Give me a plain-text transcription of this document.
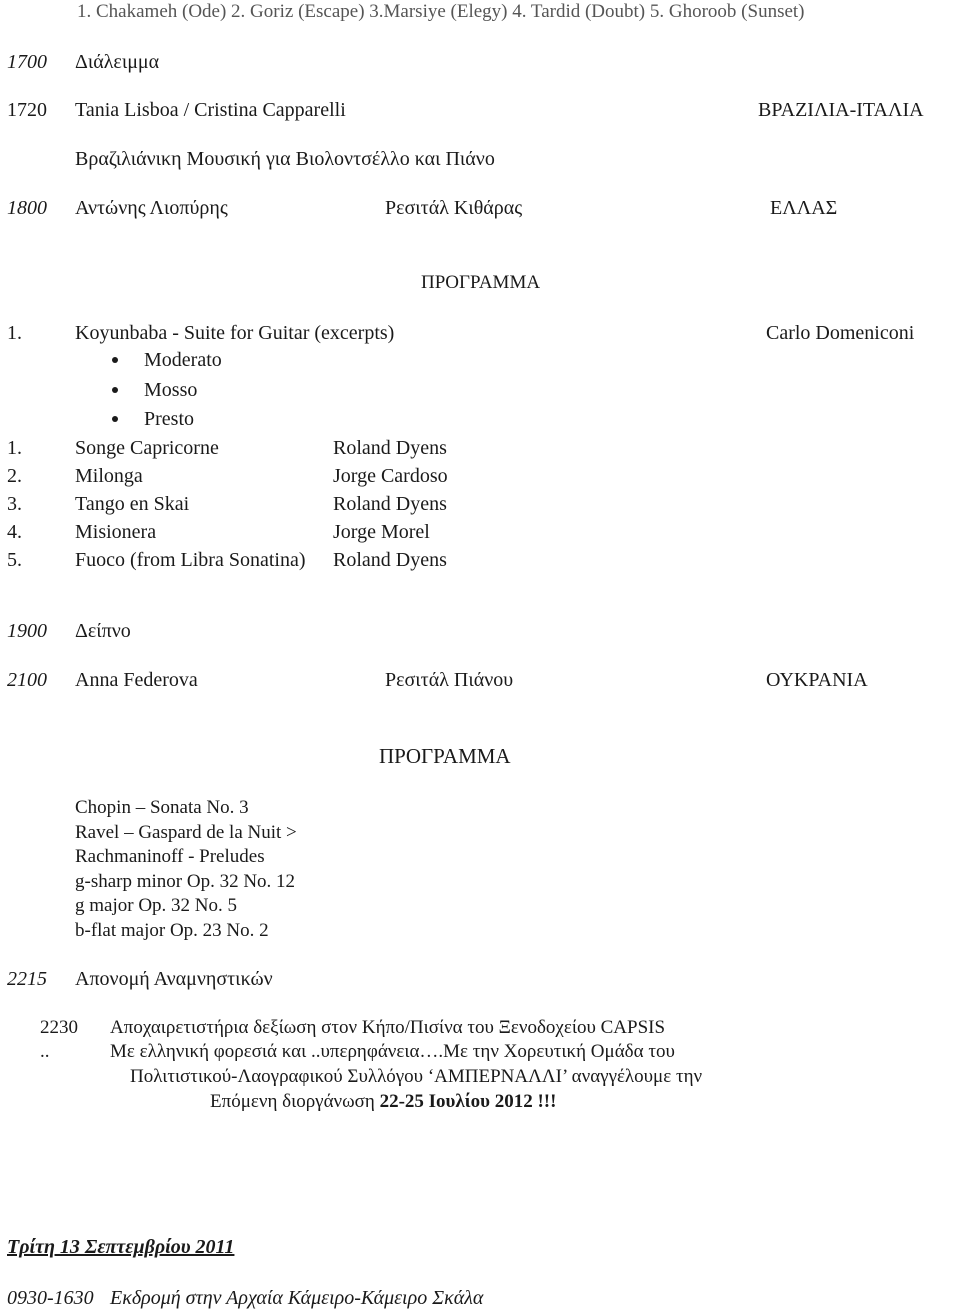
1. Chakameh (Ode) 2. Goriz (Escape) 3.Marsiye (Elegy) 4. Tardid (Doubt) 5. Ghoroob (Sunset)
1700 Διάλειμμα
1720 Tania Lisboa / Cristina Capparelli	ΒΡΑΖΙΛΙΑ-ΙΤΑΛΙΑ
Βραζιλιάνικη Μουσική για Βιολοντσέλλο και Πιάνο
1800 Αντώνης Λιοπύρης	Ρεσιτάλ Κιθάρας	ΕΛΛΑΣ
ΠΡΟΓΡΑΜΜΑ
1.	Koyunbaba - Suite for Guitar (excerpts)	Carlo Domeniconi
Moderato
Mosso
Presto
1.	Songe Capricorne	Roland Dyens
2.	Milonga	Jorge Cardoso
3.	Tango en Skai	Roland Dyens
4.	Misionera	Jorge Morel
5.	Fuoco (from Libra Sonatina) Roland Dyens
1900 Δείπνο
2100 Anna Federova	Ρεσιτάλ Πιάνου	ΟΥΚΡΑΝΙΑ
ΠΡΟΓΡΑΜΜΑ
Chopin – Sonata No. 3
Ravel – Gaspard de la Nuit >
Rachmaninoff - Preludes
g-sharp minor Op. 32 No. 12
g major Op. 32 No. 5
b-flat major Op. 23 No. 2
2215 Απονομή Αναμνηστικών
2230 Αποχαιρετιστήρια δεξίωση στον Κήπο/Πισίνα του Ξενοδοχείου CAPSIS
..	Με ελληνική φορεσιά και ..υπερηφάνεια….Με την Χορευτική Ομάδα του
Πολιτιστικού-Λαογραφικού Συλλόγου ‘ΑΜΠΕΡΝΑΛΛΙ’ αναγγέλουμε την
Επόμενη διοργάνωση 22-25 Ιουλίου 2012 !!!
Τρίτη 13 Σεπτεμβρίου 2011
0930-1630 Εκδρομή στην Αρχαία Κάμειρο-Κάμειρο Σκάλα
